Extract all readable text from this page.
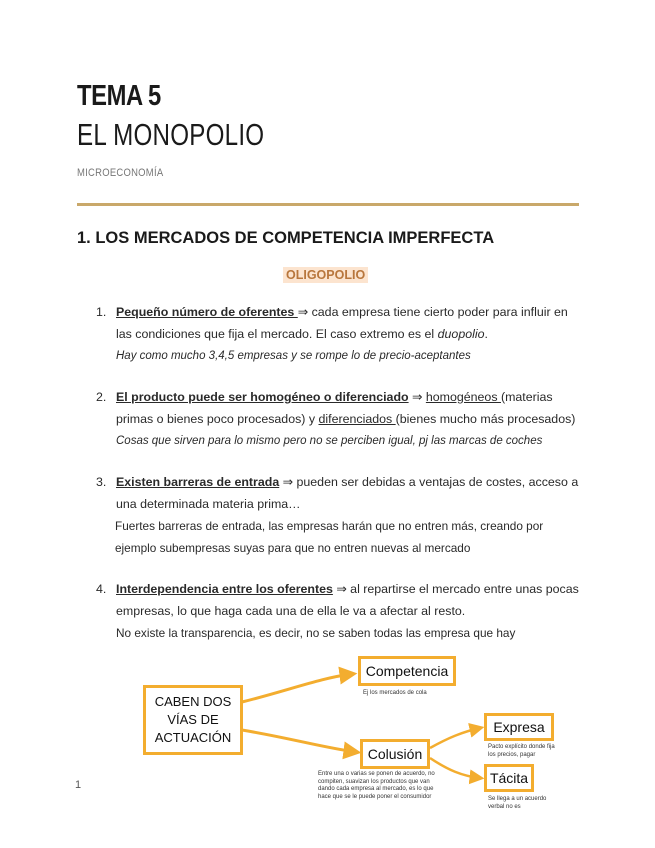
TEMA 5
EL MONOPOLIO
MICROECONOMÍA
1. LOS MERCADOS DE COMPETENCIA IMPERFECTA
OLIGOPOLIO
1. Pequeño número de oferentes ⇒ cada empresa tiene cierto poder para influir en las condiciones que fija el mercado. El caso extremo es el duopolio.
Hay como mucho 3,4,5 empresas y se rompe lo de precio-aceptantes
2. El producto puede ser homogéneo o diferenciado ⇒ homogéneos (materias primas o bienes poco procesados) y diferenciados (bienes mucho más procesados)
Cosas que sirven para lo mismo pero no se perciben igual, pj las marcas de coches
3. Existen barreras de entrada ⇒ pueden ser debidas a ventajas de costes, acceso a una determinada materia prima…
Fuertes barreras de entrada, las empresas harán que no entren más, creando por ejemplo subempresas suyas para que no entren nuevas al mercado
4. Interdependencia entre los oferentes ⇒ al repartirse el mercado entre unas pocas empresas, lo que haga cada una de ella le va a afectar al resto.
No existe la transparencia, es decir, no se saben todas las empresa que hay
CABEN DOS VÍAS DE ACTUACIÓN
Competencia
Ej los mercados de cola
Colusión
Entre una o varias se ponen de acuerdo, no compiten, suavizan los productos que van dando cada empresa al mercado, es lo que hace que se le puede poner el consumidor
Expresa
Pacto explícito donde fija los precios, pagar
Tácita
Se llega a un acuerdo verbal no es
1
